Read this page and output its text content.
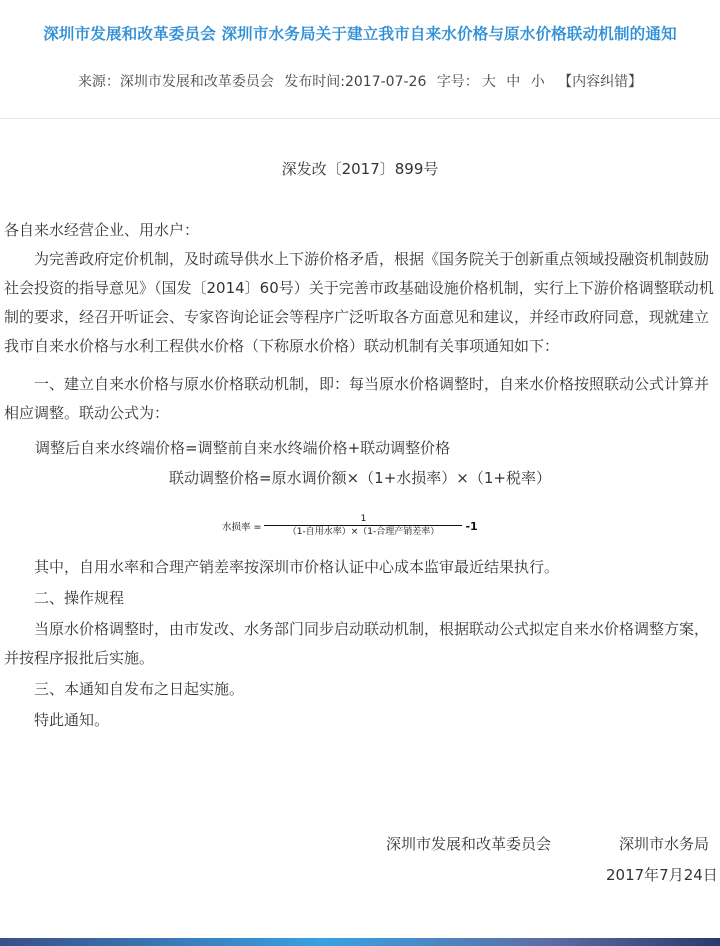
深圳市发展和改革委员会 深圳市水务局关于建立我市自来水价格与原水价格联动机制的通知
来源：深圳市发展和改革委员会 发布时间:2017-07-26 字号： 大 中 小 【内容纠错】
深发改〔2017〕899号

各自来水经营企业、用水户：

为完善政府定价机制，及时疏导供水上下游价格矛盾，根据《国务院关于创新重点领域投融资机制鼓励社会投资的指导意见》（国发〔2014〕60号）关于完善市政基础设施价格机制，实行上下游价格调整联动机制的要求，经召开听证会、专家咨询论证会等程序广泛听取各方面意见和建议，并经市政府同意，现就建立我市自来水价格与水利工程供水价格（下称原水价格）联动机制有关事项通知如下：

一、建立自来水价格与原水价格联动机制，即：每当原水价格调整时，自来水价格按照联动公式计算并相应调整。联动公式为：

调整后自来水终端价格=调整前自来水终端价格+联动调整价格

联动调整价格=原水调价额×（1+水损率）×（1+税率）

水损率 = $\frac{1}{\text{（1-自用水率）×（1-合理产销差率）}} -1$

其中，自用水率和合理产销差率按深圳市价格认证中心成本监审最近结果执行。

二、操作规程

当原水价格调整时，由市发改、水务部门同步启动联动机制，根据联动公式拟定自来水价格调整方案，并按程序报批后实施。

三、本通知自发布之日起实施。

特此通知。

深圳市发展和改革委员会	深圳市水务局
2017年7月24日
